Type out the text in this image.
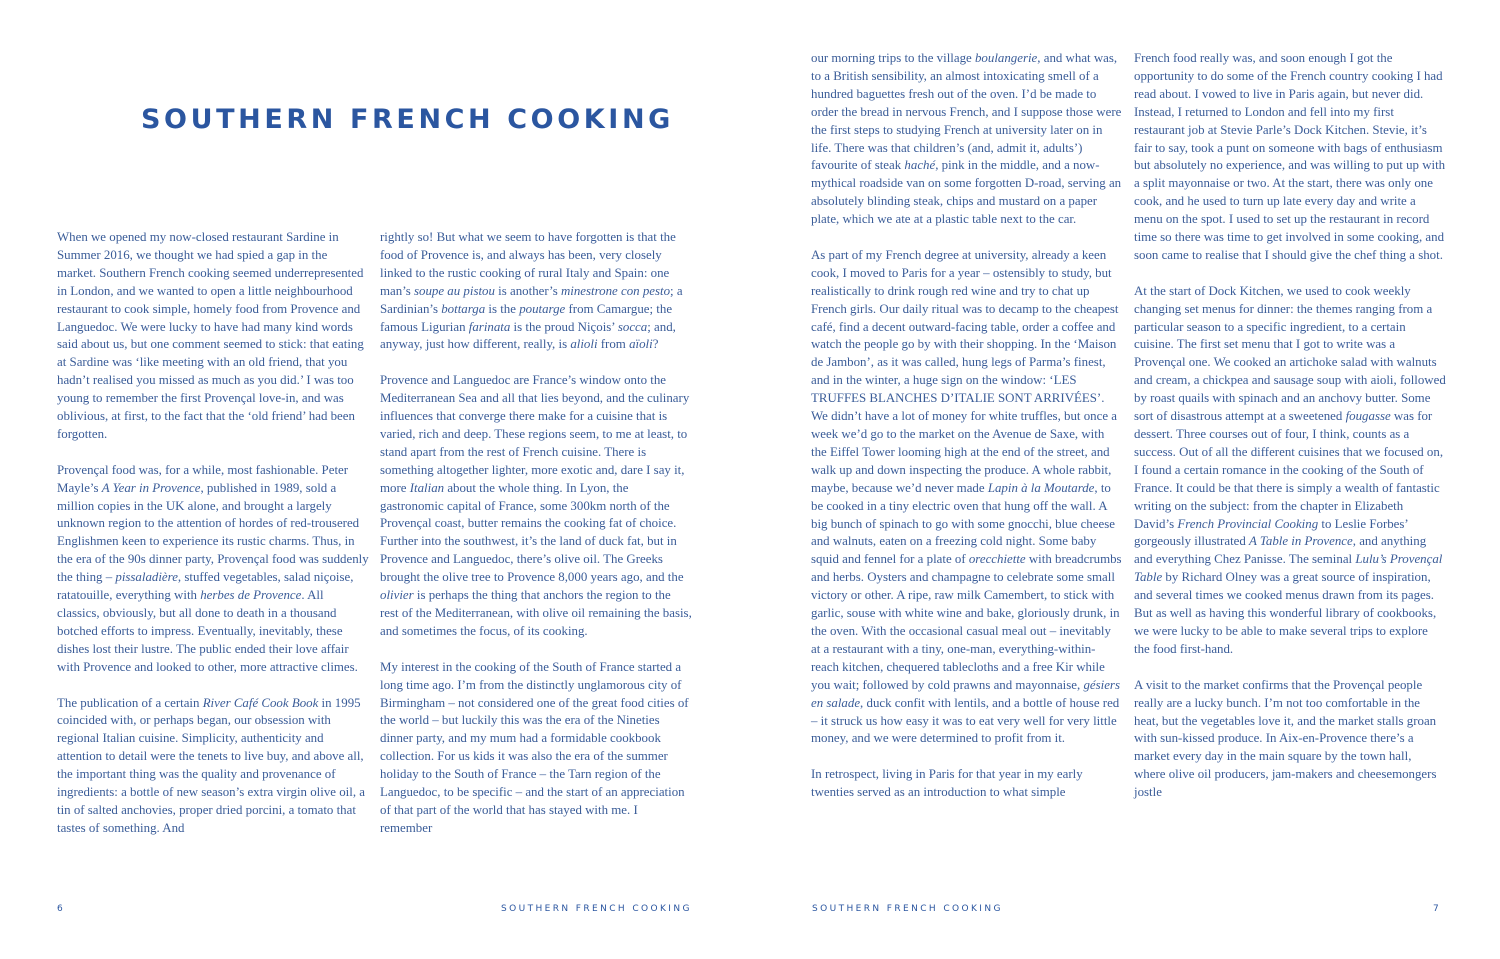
SOUTHERN FRENCH COOKING

When we opened my now-closed restaurant Sardine in Summer 2016, we thought we had spied a gap in the market. Southern French cooking seemed underrepresented in London, and we wanted to open a little neighbourhood restaurant to cook simple, homely food from Provence and Languedoc. We were lucky to have had many kind words said about us, but one comment seemed to stick: that eating at Sardine was ‘like meeting with an old friend, that you hadn’t realised you missed as much as you did.’ I was too young to remember the first Provençal love-in, and was oblivious, at first, to the fact that the ‘old friend’ had been forgotten.

Provençal food was, for a while, most fashionable. Peter Mayle’s A Year in Provence, published in 1989, sold a million copies in the UK alone, and brought a largely unknown region to the attention of hordes of red-trousered Englishmen keen to experience its rustic charms. Thus, in the era of the 90s dinner party, Provençal food was suddenly the thing – pissaladière, stuffed vegetables, salad niçoise, ratatouille, everything with herbes de Provence. All classics, obviously, but all done to death in a thousand botched efforts to impress. Eventually, inevitably, these dishes lost their lustre. The public ended their love affair with Provence and looked to other, more attractive climes.

The publication of a certain River Café Cook Book in 1995 coincided with, or perhaps began, our obsession with regional Italian cuisine. Simplicity, authenticity and attention to detail were the tenets to live buy, and above all, the important thing was the quality and provenance of ingredients: a bottle of new season’s extra virgin olive oil, a tin of salted anchovies, proper dried porcini, a tomato that tastes of something. And

rightly so! But what we seem to have forgotten is that the food of Provence is, and always has been, very closely linked to the rustic cooking of rural Italy and Spain: one man’s soupe au pistou is another’s minestrone con pesto; a Sardinian’s bottarga is the poutarge from Camargue; the famous Ligurian farinata is the proud Niçois’ socca; and, anyway, just how different, really, is alioli from aïoli?

Provence and Languedoc are France’s window onto the Mediterranean Sea and all that lies beyond, and the culinary influences that converge there make for a cuisine that is varied, rich and deep. These regions seem, to me at least, to stand apart from the rest of French cuisine. There is something altogether lighter, more exotic and, dare I say it, more Italian about the whole thing. In Lyon, the gastronomic capital of France, some 300km north of the Provençal coast, butter remains the cooking fat of choice. Further into the southwest, it’s the land of duck fat, but in Provence and Languedoc, there’s olive oil. The Greeks brought the olive tree to Provence 8,000 years ago, and the olivier is perhaps the thing that anchors the region to the rest of the Mediterranean, with olive oil remaining the basis, and sometimes the focus, of its cooking.

My interest in the cooking of the South of France started a long time ago. I’m from the distinctly unglamorous city of Birmingham – not considered one of the great food cities of the world – but luckily this was the era of the Nineties dinner party, and my mum had a formidable cookbook collection. For us kids it was also the era of the summer holiday to the South of France – the Tarn region of the Languedoc, to be specific – and the start of an appreciation of that part of the world that has stayed with me. I remember

our morning trips to the village boulangerie, and what was, to a British sensibility, an almost intoxicating smell of a hundred baguettes fresh out of the oven. I’d be made to order the bread in nervous French, and I suppose those were the first steps to studying French at university later on in life. There was that children’s (and, admit it, adults’) favourite of steak haché, pink in the middle, and a now-mythical roadside van on some forgotten D-road, serving an absolutely blinding steak, chips and mustard on a paper plate, which we ate at a plastic table next to the car.

As part of my French degree at university, already a keen cook, I moved to Paris for a year – ostensibly to study, but realistically to drink rough red wine and try to chat up French girls. Our daily ritual was to decamp to the cheapest café, find a decent outward-facing table, order a coffee and watch the people go by with their shopping. In the ‘Maison de Jambon’, as it was called, hung legs of Parma’s finest, and in the winter, a huge sign on the window: ‘LES TRUFFES BLANCHES D’ITALIE SONT ARRIVÉES’. We didn’t have a lot of money for white truffles, but once a week we’d go to the market on the Avenue de Saxe, with the Eiffel Tower looming high at the end of the street, and walk up and down inspecting the produce. A whole rabbit, maybe, because we’d never made Lapin à la Moutarde, to be cooked in a tiny electric oven that hung off the wall. A big bunch of spinach to go with some gnocchi, blue cheese and walnuts, eaten on a freezing cold night. Some baby squid and fennel for a plate of orecchiette with breadcrumbs and herbs. Oysters and champagne to celebrate some small victory or other. A ripe, raw milk Camembert, to stick with garlic, souse with white wine and bake, gloriously drunk, in the oven. With the occasional casual meal out – inevitably at a restaurant with a tiny, one-man, everything-within-reach kitchen, chequered tablecloths and a free Kir while you wait; followed by cold prawns and mayonnaise, gésiers en salade, duck confit with lentils, and a bottle of house red – it struck us how easy it was to eat very well for very little money, and we were determined to profit from it.

In retrospect, living in Paris for that year in my early twenties served as an introduction to what simple

French food really was, and soon enough I got the opportunity to do some of the French country cooking I had read about. I vowed to live in Paris again, but never did. Instead, I returned to London and fell into my first restaurant job at Stevie Parle’s Dock Kitchen. Stevie, it’s fair to say, took a punt on someone with bags of enthusiasm but absolutely no experience, and was willing to put up with a split mayonnaise or two. At the start, there was only one cook, and he used to turn up late every day and write a menu on the spot. I used to set up the restaurant in record time so there was time to get involved in some cooking, and soon came to realise that I should give the chef thing a shot.

At the start of Dock Kitchen, we used to cook weekly changing set menus for dinner: the themes ranging from a particular season to a specific ingredient, to a certain cuisine. The first set menu that I got to write was a Provençal one. We cooked an artichoke salad with walnuts and cream, a chickpea and sausage soup with aioli, followed by roast quails with spinach and an anchovy butter. Some sort of disastrous attempt at a sweetened fougasse was for dessert. Three courses out of four, I think, counts as a success. Out of all the different cuisines that we focused on, I found a certain romance in the cooking of the South of France. It could be that there is simply a wealth of fantastic writing on the subject: from the chapter in Elizabeth David’s French Provincial Cooking to Leslie Forbes’ gorgeously illustrated A Table in Provence, and anything and everything Chez Panisse. The seminal Lulu’s Provençal Table by Richard Olney was a great source of inspiration, and several times we cooked menus drawn from its pages. But as well as having this wonderful library of cookbooks, we were lucky to be able to make several trips to explore the food first-hand.

A visit to the market confirms that the Provençal people really are a lucky bunch. I’m not too comfortable in the heat, but the vegetables love it, and the market stalls groan with sun-kissed produce. In Aix-en-Provence there’s a market every day in the main square by the town hall, where olive oil producers, jam-makers and cheesemongers jostle

6	SOUTHERN FRENCH COOKING	SOUTHERN FRENCH COOKING	7
